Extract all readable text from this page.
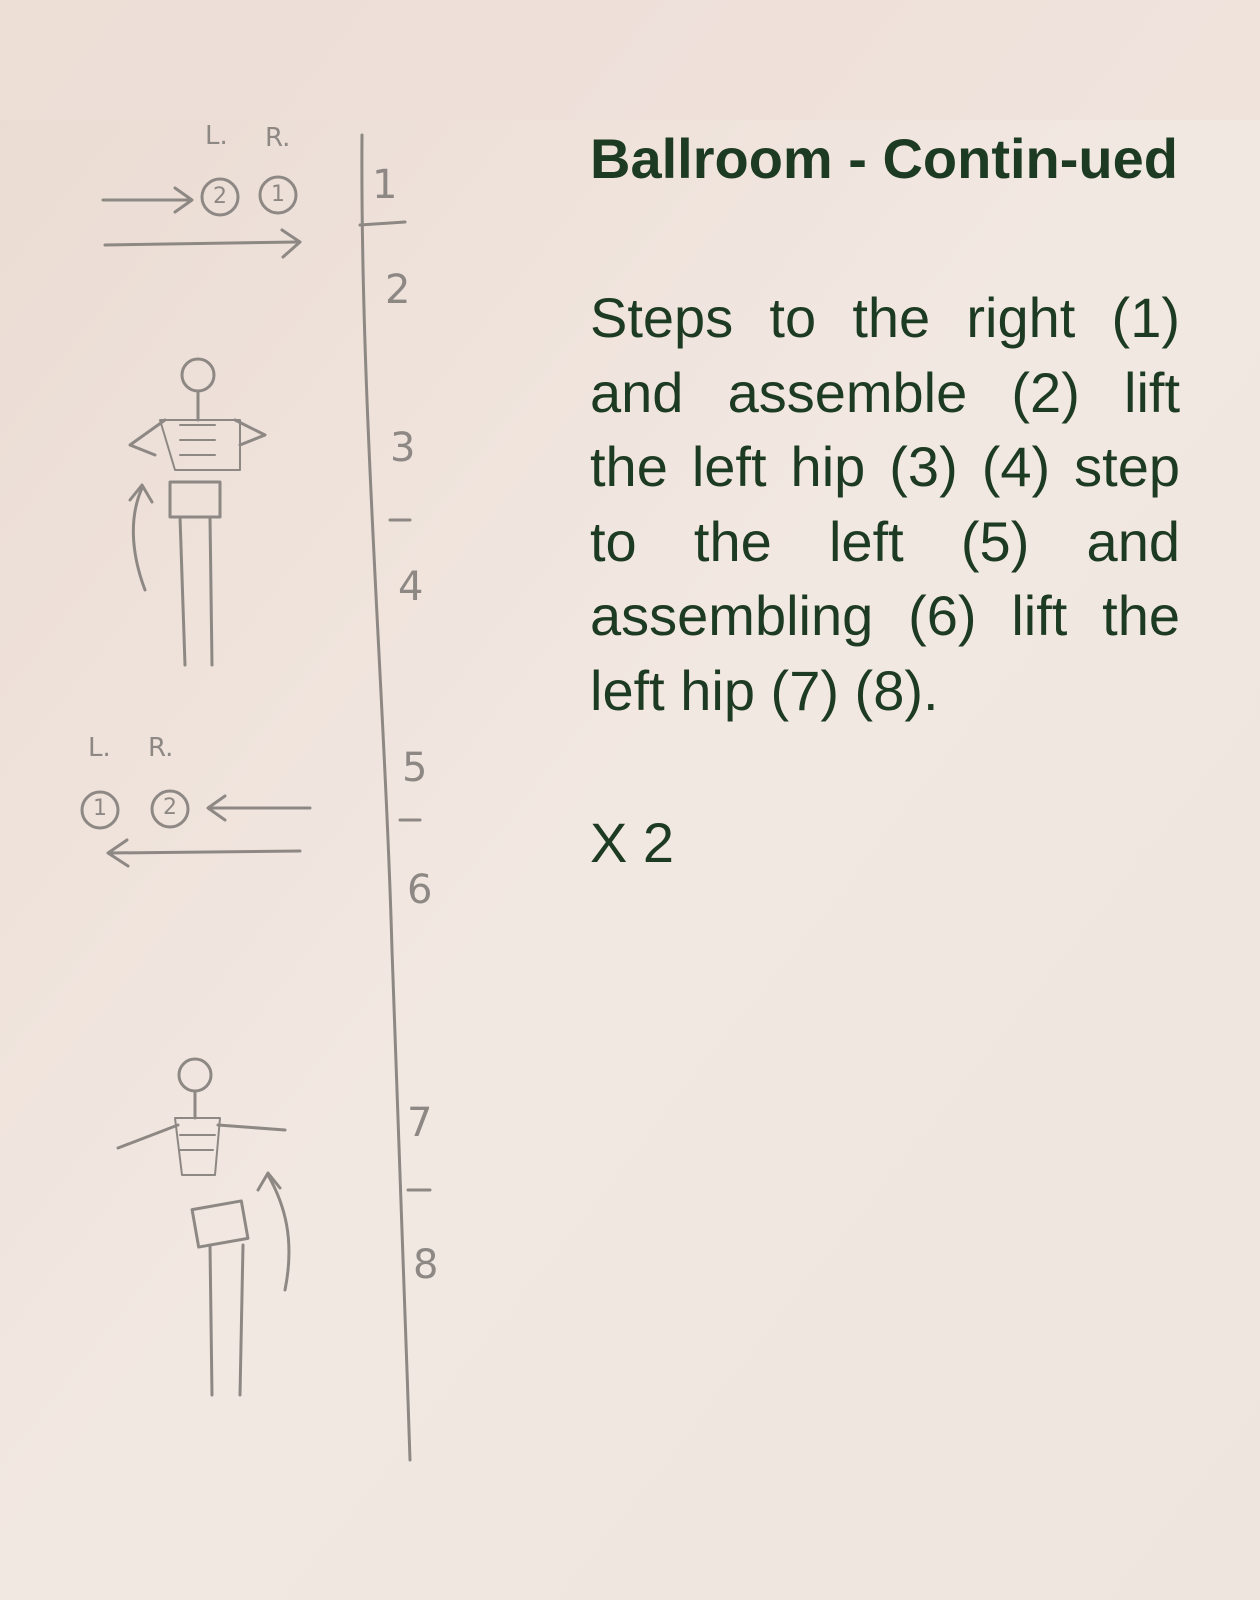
L. R.
2 1
L. R.
1	2
1
2
3
4
5
6
7
8
Ballroom - Contin-ued

Steps to the right (1) and assemble (2) lift the left hip (3) (4) step to the left (5) and assembling (6) lift the left hip (7) (8).

X 2
